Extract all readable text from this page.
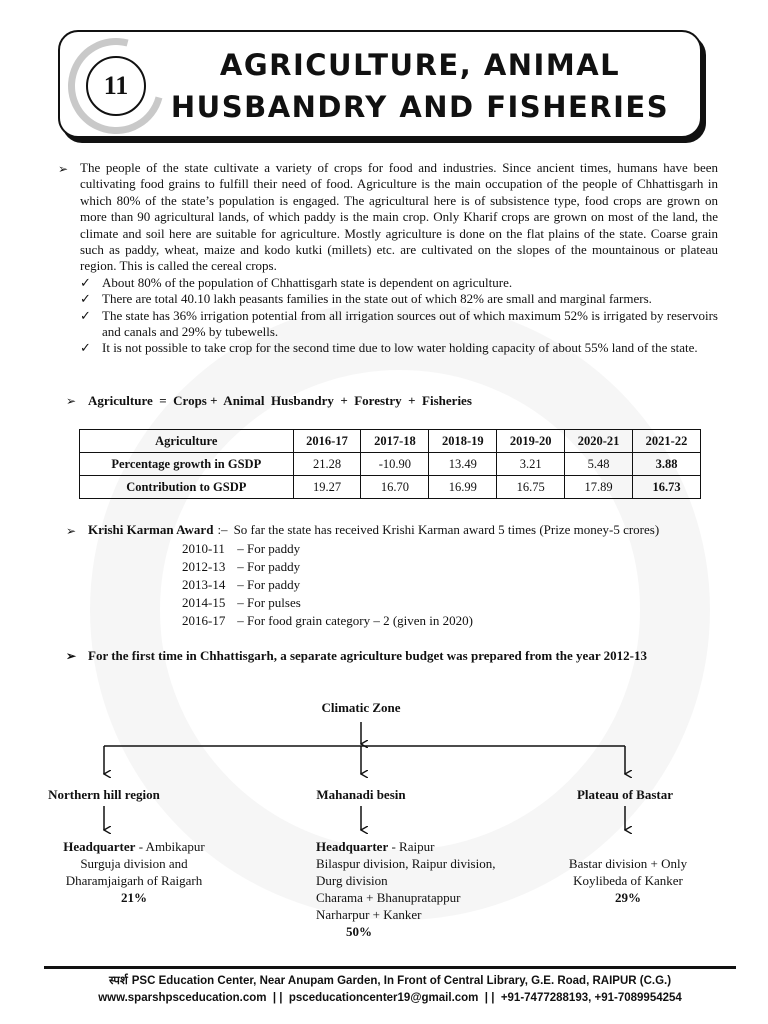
11
AGRICULTURE, ANIMAL
HUSBANDRY AND FISHERIES
➢ The people of the state cultivate a variety of crops for food and industries. Since ancient times, humans have been cultivating food grains to fulfill their need of food. Agriculture is the main occupation of the people of Chhattisgarh in which 80% of the state’s population is engaged. The agricultural here is of subsistence type, food crops are grown on more than 90 agricultural lands, of which paddy is the main crop. Only Kharif crops are grown on most of the land, the climate and soil here are suitable for agriculture. Mostly agriculture is done on the flat plains of the state. Coarse grain such as paddy, wheat, maize and kodo kutki (millets) etc. are cultivated on the slopes of the mountainous or plateau region. This is called the cereal crops.
✓ About 80% of the population of Chhattisgarh state is dependent on agriculture.
✓ There are total 40.10 lakh peasants families in the state out of which 82% are small and marginal farmers.
✓ The state has 36% irrigation potential from all irrigation sources out of which maximum 52% is irrigated by reservoirs and canals and 29% by tubewells.
✓ It is not possible to take crop for the second time due to low water holding capacity of about 55% land of the state.
➢ Agriculture  =  Crops +  Animal  Husbandry  +  Forestry  +  Fisheries
Agriculture	2016-17	2017-18	2018-19	2019-20	2020-21	2021-22
Percentage growth in GSDP	21.28	-10.90	13.49	3.21	5.48	3.88
Contribution to GSDP	19.27	16.70	16.99	16.75	17.89	16.73
➢ Krishi Karman Award :– So far the state has received Krishi Karman award 5 times (Prize money-5 crores)
2010-11 – For paddy
2012-13 – For paddy
2013-14 – For paddy
2014-15 – For pulses
2016-17 – For food grain category – 2 (given in 2020)
➢ For the first time in Chhattisgarh, a separate agriculture budget was prepared from the year 2012-13
Climatic Zone
Northern hill region	Mahanadi besin	Plateau of Bastar
Headquarter - Ambikapur
Surguja division and
Dharamjaigarh of Raigarh
21%
Headquarter - Raipur
Bilaspur division, Raipur division,
Durg division
Charama + Bhanupratappur
Narharpur + Kanker
50%
Bastar division + Only
Koylibeda of Kanker
29%
स्पर्श PSC Education Center, Near Anupam Garden, In Front of Central Library, G.E. Road, RAIPUR (C.G.)
www.sparshpsceducation.com  | |  psceducationcenter19@gmail.com  | |  +91-7477288193, +91-7089954254
